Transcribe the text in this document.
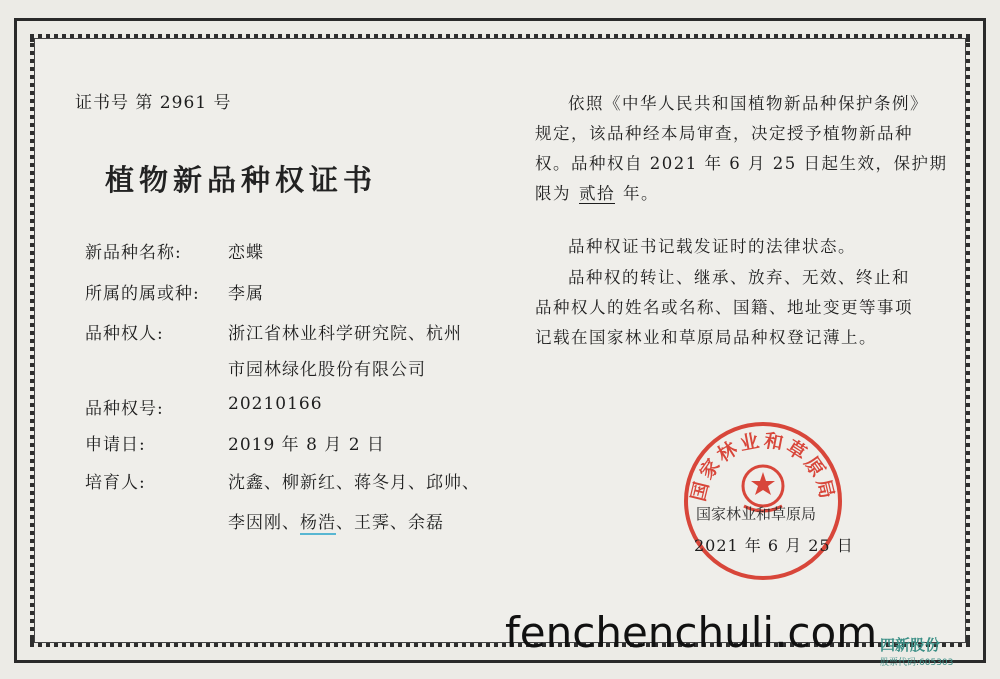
证书号 第 2961 号
植物新品种权证书
新品种名称:	恋蝶
所属的属或种: 李属
品种权人:	浙江省林业科学研究院、杭州
市园林绿化股份有限公司
品种权号:	20210166
申请日:	2019 年 8 月 2 日
培育人:	沈鑫、柳新红、蒋冬月、邱帅、
李因刚、杨浩、王霁、余磊
依照《中华人民共和国植物新品种保护条例》
规定，该品种经本局审查，决定授予植物新品种
权。品种权自 2021 年 6 月 25 日起生效，保护期
限为 贰拾 年。
品种权证书记载发证时的法律状态。
品种权的转让、继承、放弃、无效、终止和
品种权人的姓名或名称、国籍、地址变更等事项
记载在国家林业和草原局品种权登记薄上。
国家林业和草原局
国家林业和草原局
2021 年 6 月 25 日
fenchenchuli.com 四新股份
股票代码:605303
